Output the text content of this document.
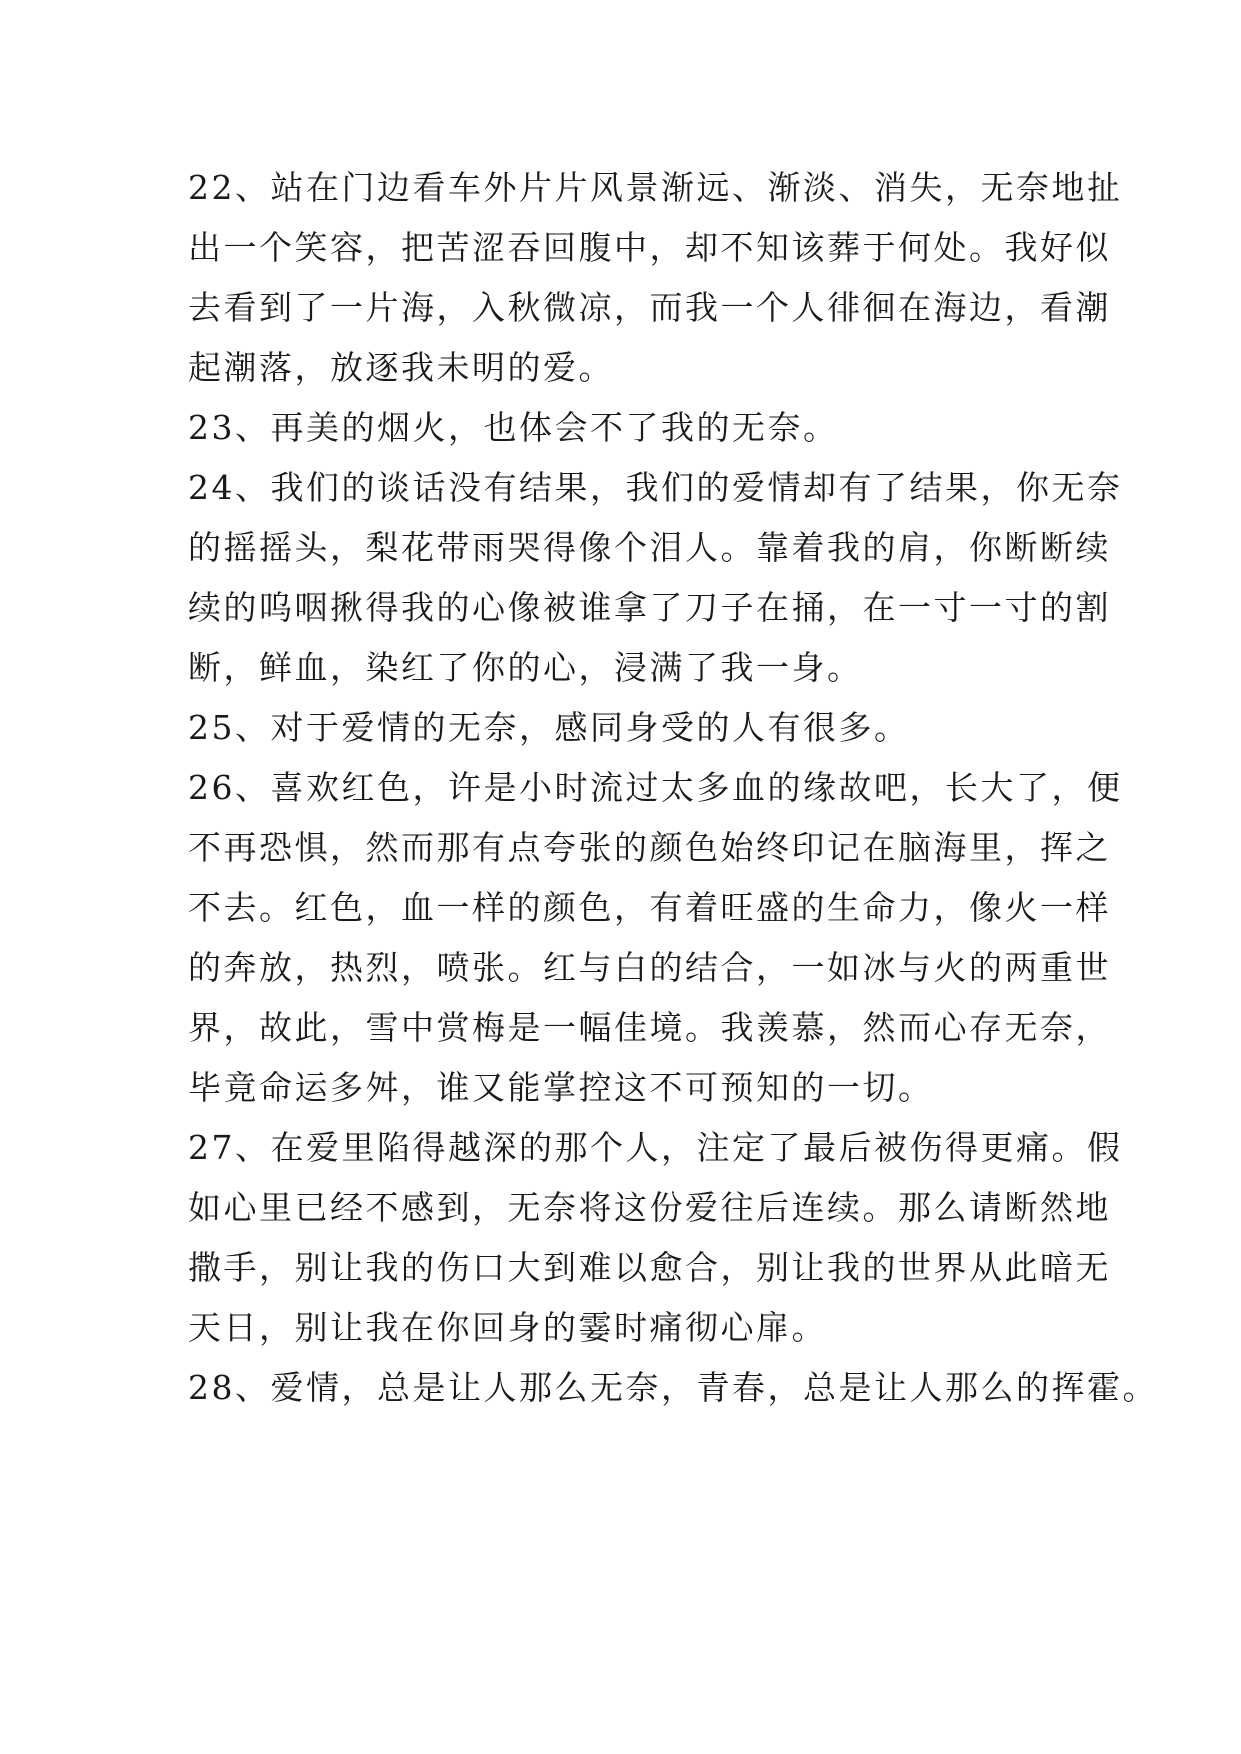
22、站在门边看车外片片风景渐远、渐淡、消失，无奈地扯
出一个笑容，把苦涩吞回腹中，却不知该葬于何处。我好似
去看到了一片海，入秋微凉，而我一个人徘徊在海边，看潮
起潮落，放逐我未明的爱。
23、再美的烟火，也体会不了我的无奈。
24、我们的谈话没有结果，我们的爱情却有了结果，你无奈
的摇摇头，梨花带雨哭得像个泪人。靠着我的肩，你断断续
续的呜咽揪得我的心像被谁拿了刀子在捅，在一寸一寸的割
断，鲜血，染红了你的心，浸满了我一身。
25、对于爱情的无奈，感同身受的人有很多。
26、喜欢红色，许是小时流过太多血的缘故吧，长大了，便
不再恐惧，然而那有点夸张的颜色始终印记在脑海里，挥之
不去。红色，血一样的颜色，有着旺盛的生命力，像火一样
的奔放，热烈，喷张。红与白的结合，一如冰与火的两重世
界，故此，雪中赏梅是一幅佳境。我羡慕，然而心存无奈，
毕竟命运多舛，谁又能掌控这不可预知的一切。
27、在爱里陷得越深的那个人，注定了最后被伤得更痛。假
如心里已经不感到，无奈将这份爱往后连续。那么请断然地
撒手，别让我的伤口大到难以愈合，别让我的世界从此暗无
天日，别让我在你回身的霎时痛彻心扉。
28、爱情，总是让人那么无奈，青春，总是让人那么的挥霍。
